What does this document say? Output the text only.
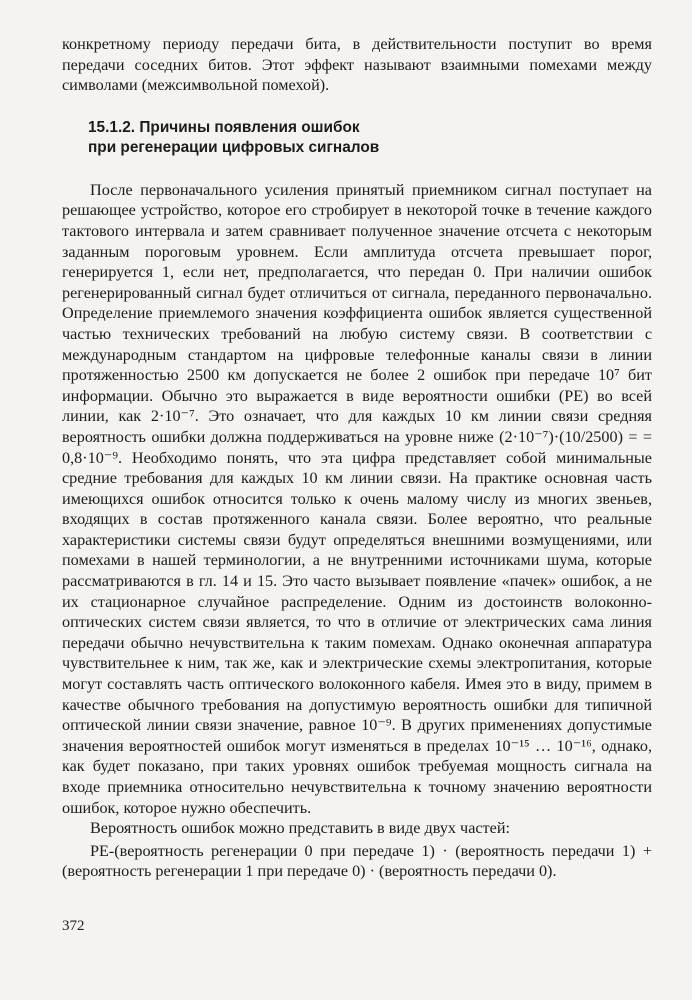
конкретному периоду передачи бита, в действительности поступит во время передачи соседних битов. Этот эффект называют взаимными помехами между символами (межсимвольной помехой).

15.1.2. Причины появления ошибок
при регенерации цифровых сигналов

После первоначального усиления принятый приемником сигнал поступает на решающее устройство, которое его стробирует в некоторой точке в течение каждого тактового интервала и затем сравнивает полученное значение отсчета с некоторым заданным пороговым уровнем. Если амплитуда отсчета превышает порог, генерируется 1, если нет, предполагается, что передан 0. При наличии ошибок регенерированный сигнал будет отличиться от сигнала, переданного первоначально. Определение приемлемого значения коэффициента ошибок является существенной частью технических требований на любую систему связи. В соответствии с международным стандартом на цифровые телефонные каналы связи в линии протяженностью 2500 км допускается не более 2 ошибок при передаче 10⁷ бит информации. Обычно это выражается в виде вероятности ошибки (PE) во всей линии, как 2·10⁻⁷. Это означает, что для каждых 10 км линии связи средняя вероятность ошибки должна поддерживаться на уровне ниже (2·10⁻⁷)·(10/2500) = = 0,8·10⁻⁹. Необходимо понять, что эта цифра представляет собой минимальные средние требования для каждых 10 км линии связи. На практике основная часть имеющихся ошибок относится только к очень малому числу из многих звеньев, входящих в состав протяженного канала связи. Более вероятно, что реальные характеристики системы связи будут определяться внешними возмущениями, или помехами в нашей терминологии, а не внутренними источниками шума, которые рассматриваются в гл. 14 и 15. Это часто вызывает появление «пачек» ошибок, а не их стационарное случайное распределение. Одним из достоинств волоконно-оптических систем связи является, то что в отличие от электрических сама линия передачи обычно нечувствительна к таким помехам. Однако оконечная аппаратура чувствительнее к ним, так же, как и электрические схемы электропитания, которые могут составлять часть оптического волоконного кабеля. Имея это в виду, примем в качестве обычного требования на допустимую вероятность ошибки для типичной оптической линии связи значение, равное 10⁻⁹. В других применениях допустимые значения вероятностей ошибок могут изменяться в пределах 10⁻¹⁵ … 10⁻¹⁶, однако, как будет показано, при таких уровнях ошибок требуемая мощность сигнала на входе приемника относительно нечувствительна к точному значению вероятности ошибок, которое нужно обеспечить.

Вероятность ошибок можно представить в виде двух частей:

PE-(вероятность регенерации 0 при передаче 1) · (вероятность передачи 1) + (вероятность регенерации 1 при передаче 0) · (вероятность передачи 0).

372
